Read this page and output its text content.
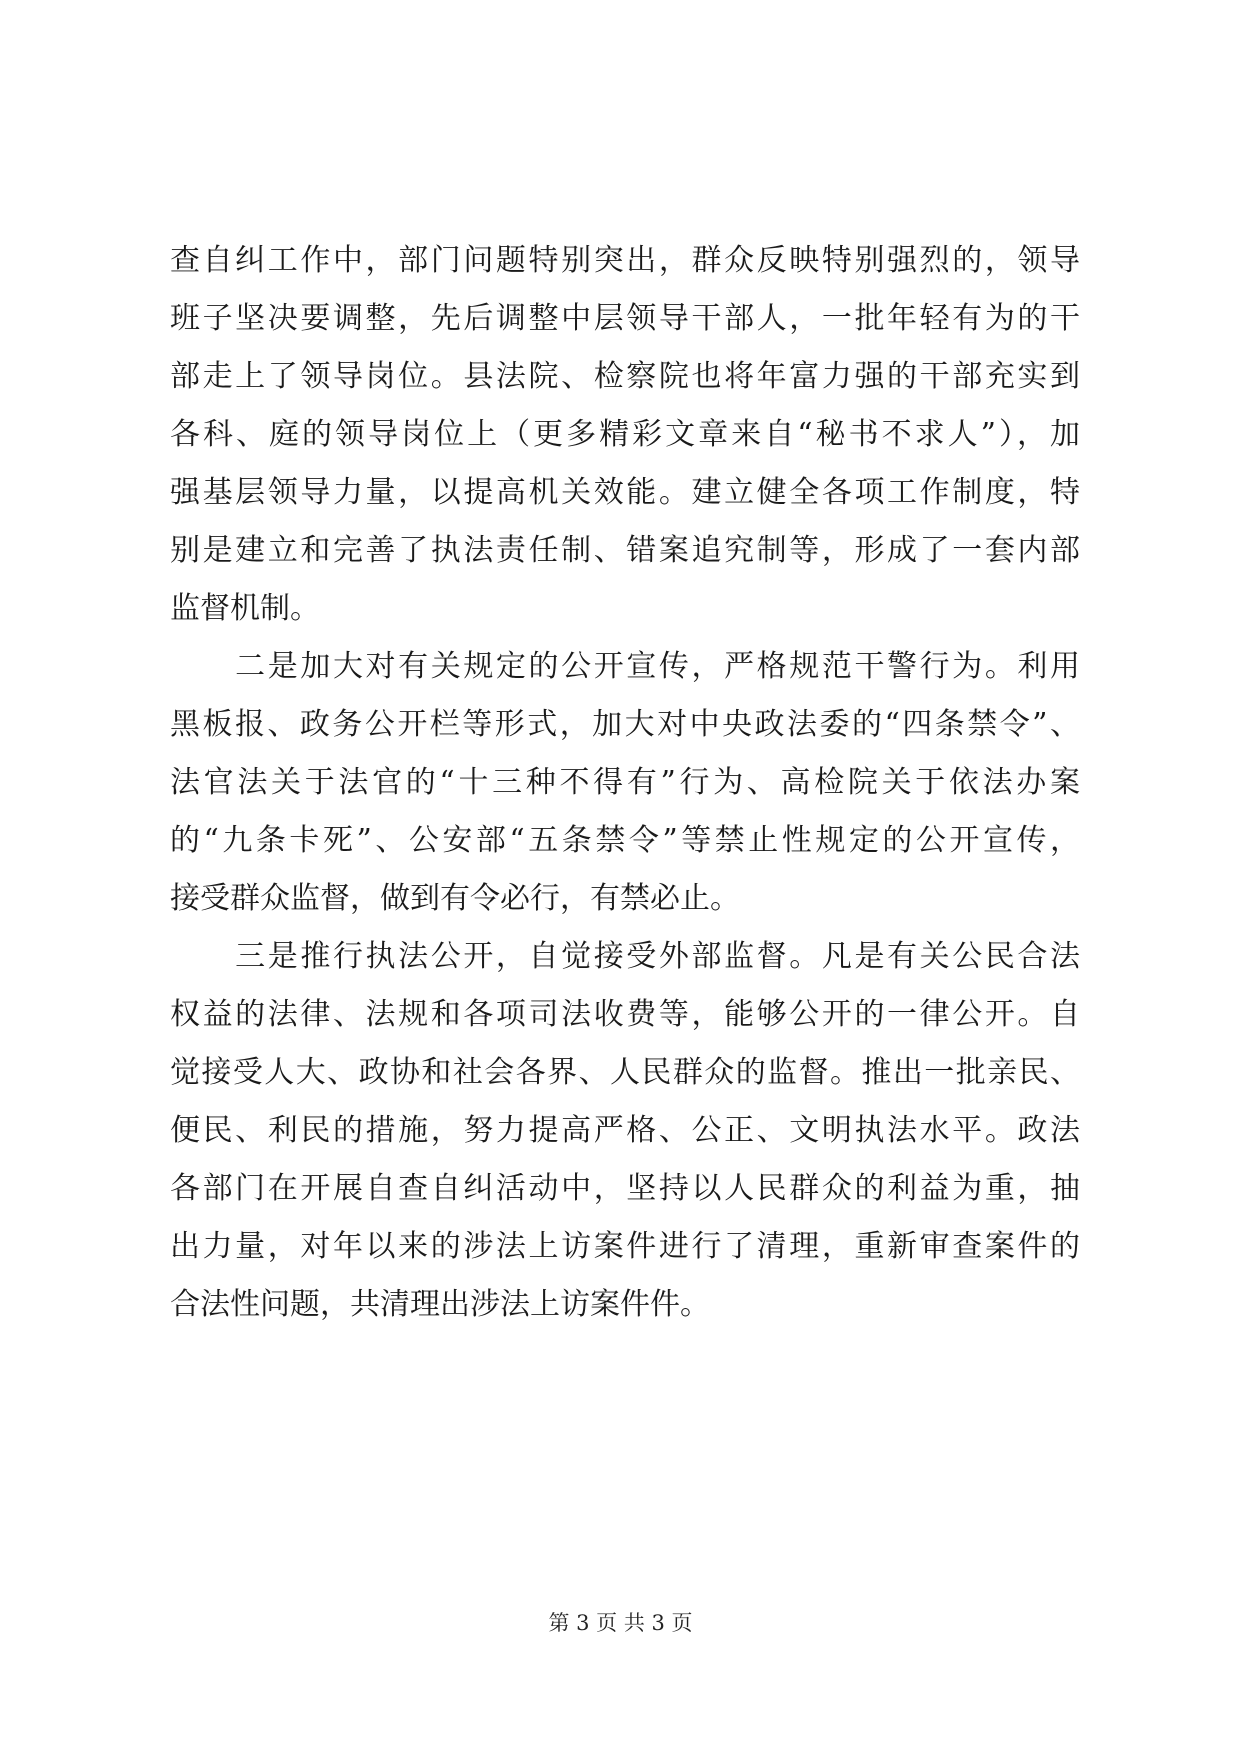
查自纠工作中，部门问题特别突出，群众反映特别强烈的，领导
班子坚决要调整，先后调整中层领导干部人，一批年轻有为的干
部走上了领导岗位。县法院、检察院也将年富力强的干部充实到
各科、庭的领导岗位上（更多精彩文章来自“秘书不求人”），加
强基层领导力量，以提高机关效能。建立健全各项工作制度，特
别是建立和完善了执法责任制、错案追究制等，形成了一套内部
监督机制。
　　二是加大对有关规定的公开宣传，严格规范干警行为。利用
黑板报、政务公开栏等形式，加大对中央政法委的“四条禁令”、
法官法关于法官的“十三种不得有”行为、高检院关于依法办案
的“九条卡死”、公安部“五条禁令”等禁止性规定的公开宣传，
接受群众监督，做到有令必行，有禁必止。
　　三是推行执法公开，自觉接受外部监督。凡是有关公民合法
权益的法律、法规和各项司法收费等，能够公开的一律公开。自
觉接受人大、政协和社会各界、人民群众的监督。推出一批亲民、
便民、利民的措施，努力提高严格、公正、文明执法水平。政法
各部门在开展自查自纠活动中，坚持以人民群众的利益为重，抽
出力量，对年以来的涉法上访案件进行了清理，重新审查案件的
合法性问题，共清理出涉法上访案件件。
第 3 页 共 3 页
